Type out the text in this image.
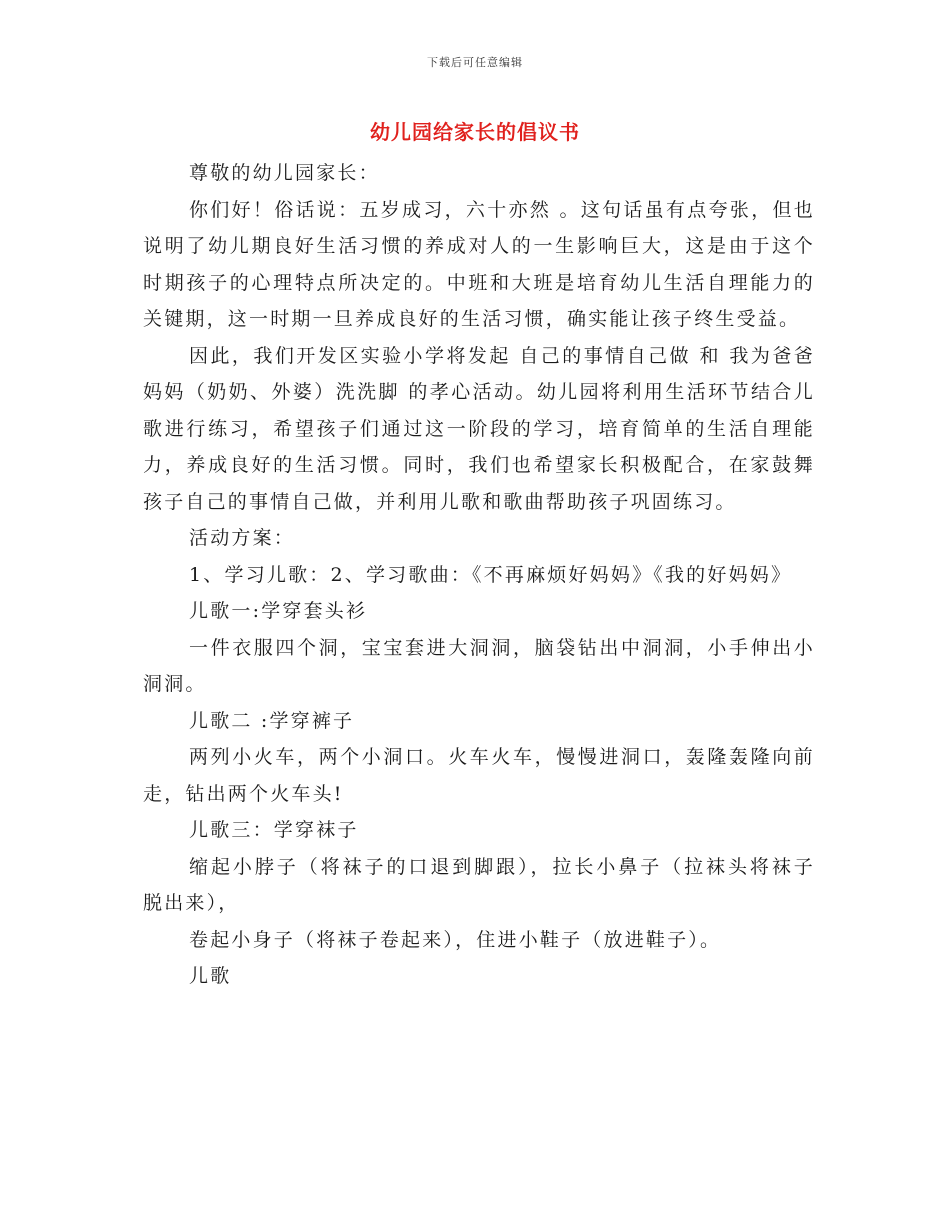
下载后可任意编辑
幼儿园给家长的倡议书

尊敬的幼儿园家长：

你们好！俗话说：五岁成习，六十亦然 。这句话虽有点夸张，但也说明了幼儿期良好生活习惯的养成对人的一生影响巨大，这是由于这个时期孩子的心理特点所决定的。中班和大班是培育幼儿生活自理能力的关键期，这一时期一旦养成良好的生活习惯，确实能让孩子终生受益。

因此，我们开发区实验小学将发起 自己的事情自己做 和 我为爸爸妈妈（奶奶、外婆）洗洗脚 的孝心活动。幼儿园将利用生活环节结合儿歌进行练习，希望孩子们通过这一阶段的学习，培育简单的生活自理能力，养成良好的生活习惯。同时，我们也希望家长积极配合，在家鼓舞孩子自己的事情自己做，并利用儿歌和歌曲帮助孩子巩固练习。

活动方案：

1、学习儿歌：2、学习歌曲：《不再麻烦好妈妈》《我的好妈妈》

儿歌一:学穿套头衫

一件衣服四个洞，宝宝套进大洞洞，脑袋钻出中洞洞，小手伸出小洞洞。

儿歌二 :学穿裤子

两列小火车，两个小洞口。火车火车，慢慢进洞口，轰隆轰隆向前走，钻出两个火车头!

儿歌三：学穿袜子

缩起小脖子（将袜子的口退到脚跟），拉长小鼻子（拉袜头将袜子脱出来），

卷起小身子（将袜子卷起来），住进小鞋子（放进鞋子）。

儿歌
